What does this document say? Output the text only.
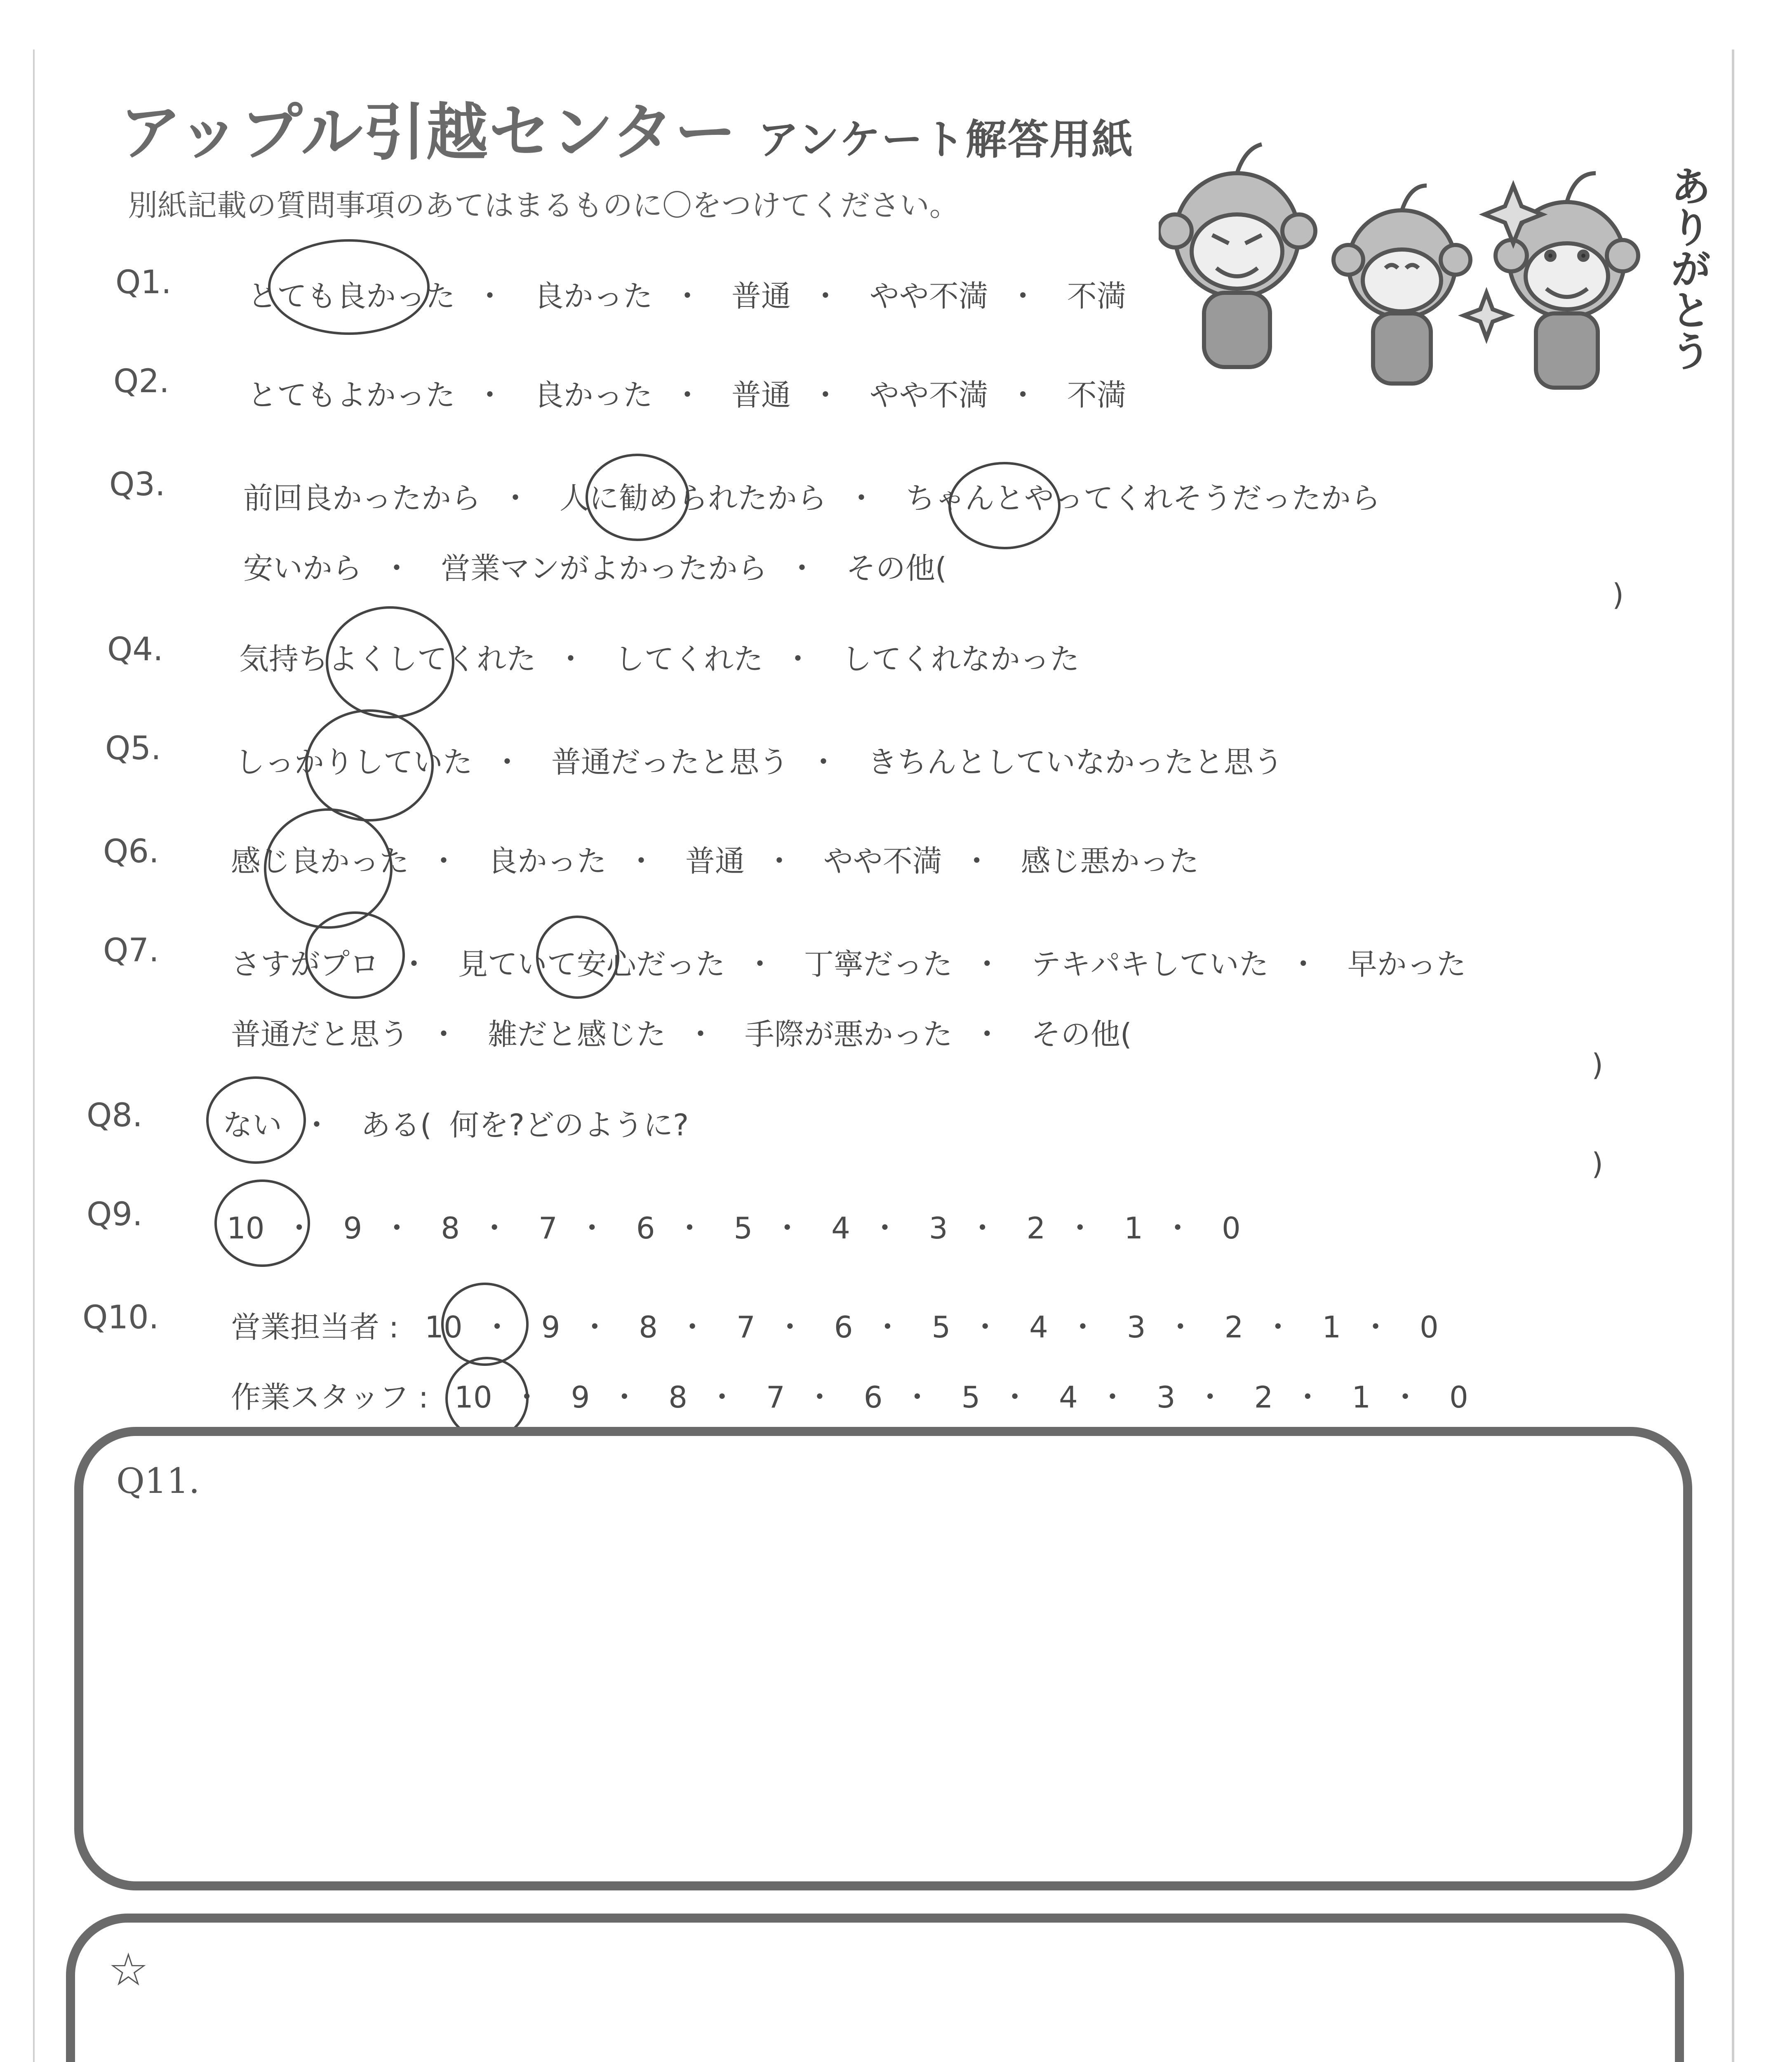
アップル引越センター アンケート解答用紙
別紙記載の質問事項のあてはまるものに〇をつけてください。	ありがとう
Q1.	とても良かった ・ 良かった ・ 普通 ・ やや不満 ・ 不満
Q2.	とてもよかった ・ 良かった ・ 普通 ・ やや不満 ・ 不満
Q3.	前回良かったから ・ 人に勧められたから ・ ちゃんとやってくれそうだったから
安いから ・ 営業マンがよかったから ・ その他(
)
Q4.	気持ちよくしてくれた ・ してくれた ・ してくれなかった
Q5. しっかりしていた ・ 普通だったと思う ・ きちんとしていなかったと思う
Q6. 感じ良かった ・ 良かった ・ 普通 ・ やや不満 ・ 感じ悪かった
Q7. さすがプロ ・ 見ていて安心だった ・ 丁寧だった ・ テキパキしていた ・ 早かった
普通だと思う ・ 雑だと感じた ・ 手際が悪かった ・ その他(
)
Q8.	ない ・ ある( 何を?どのように?
)
Q9.	10 ・ 9 ・ 8 ・ 7 ・ 6 ・ 5 ・ 4 ・ 3 ・ 2 ・ 1 ・ 0
Q10. 営業担当者 : 10 ・ 9 ・ 8 ・ 7 ・ 6 ・ 5 ・ 4 ・ 3 ・ 2 ・ 1 ・ 0
作業スタッフ : 10 ・ 9 ・ 8 ・ 7 ・ 6 ・ 5 ・ 4 ・ 3 ・ 2 ・ 1 ・ 0
Q11.
☆
